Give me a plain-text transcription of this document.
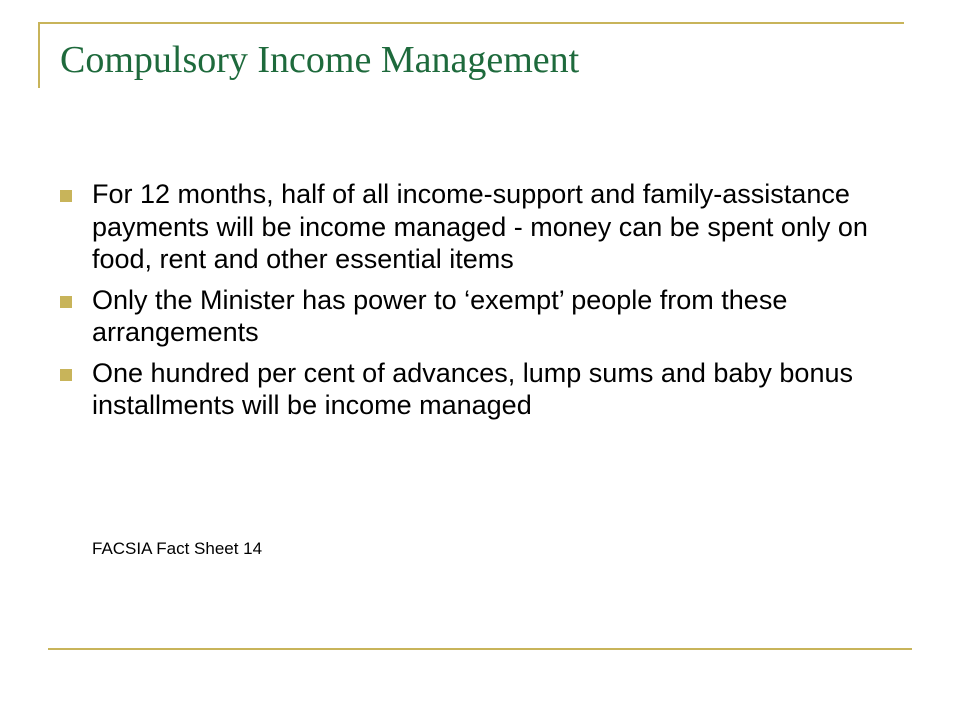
Compulsory Income Management
For 12 months, half of all income-support and family-assistance payments will be income managed - money can be spent only on food, rent and other essential items
Only the Minister has power to ‘exempt’ people from these arrangements
One hundred per cent of advances, lump sums and baby bonus installments will be income managed

FACSIA Fact Sheet 14
